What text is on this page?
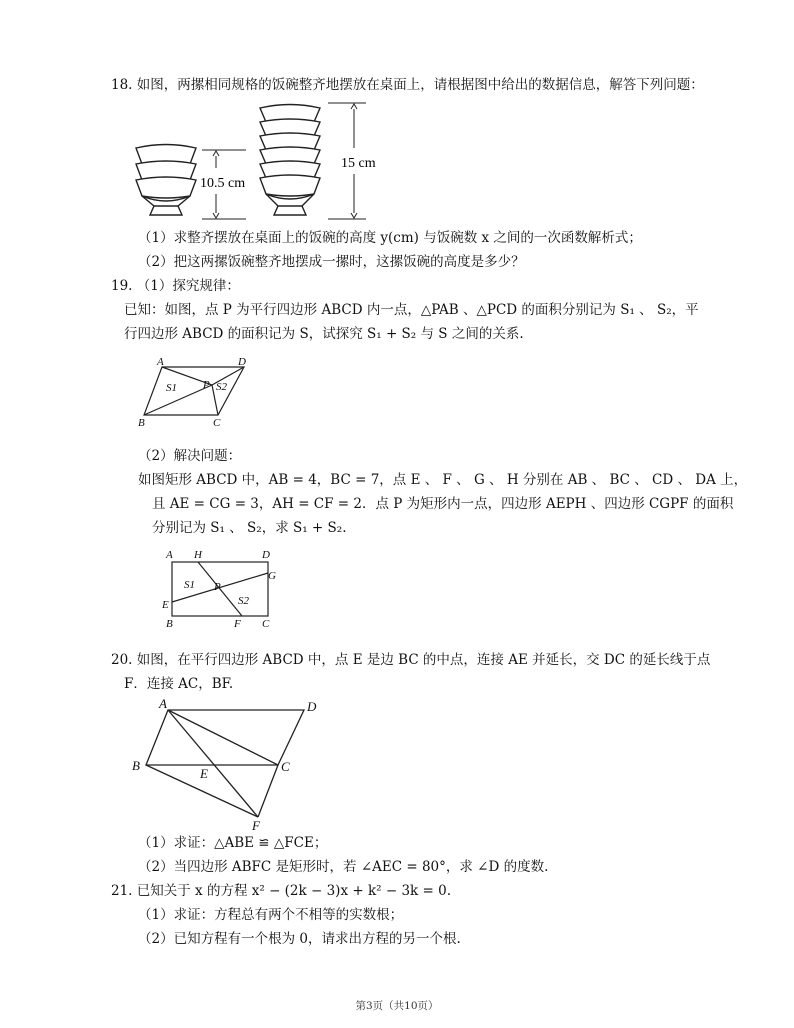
18. 如图，两摞相同规格的饭碗整齐地摆放在桌面上，请根据图中给出的数据信息，解答下列问题：
10.5 cm
15 cm
（1）求整齐摆放在桌面上的饭碗的高度 y(cm) 与饭碗数 x 之间的一次函数解析式；
（2）把这两摞饭碗整齐地摆成一摞时，这摞饭碗的高度是多少？
19. （1）探究规律：
已知：如图，点 P 为平行四边形 ABCD 内一点，△PAB 、△PCD 的面积分别记为 S₁ 、 S₂，平
行四边形 ABCD 的面积记为 S，试探究 S₁ + S₂ 与 S 之间的关系.
A	D
B	C
P
S1	S2
（2）解决问题：
如图矩形 ABCD 中，AB = 4，BC = 7，点 E 、 F 、 G 、 H 分别在 AB 、 BC 、 CD 、 DA 上，
且 AE = CG = 3，AH = CF = 2．点 P 为矩形内一点，四边形 AEPH 、四边形 CGPF 的面积
分别记为 S₁ 、 S₂，求 S₁ + S₂.
A H	D
G
E
B	F C
P
S1
S2
20. 如图，在平行四边形 ABCD 中，点 E 是边 BC 的中点，连接 AE 并延长，交 DC 的延长线于点
F．连接 AC，BF.
A	D
B
E	C
F
（1）求证：△ABE ≌ △FCE；
（2）当四边形 ABFC 是矩形时，若 ∠AEC = 80°，求 ∠D 的度数.
21. 已知关于 x 的方程 x² − (2k − 3)x + k² − 3k = 0.
（1）求证：方程总有两个不相等的实数根；
（2）已知方程有一个根为 0，请求出方程的另一个根.
第3页（共10页）
